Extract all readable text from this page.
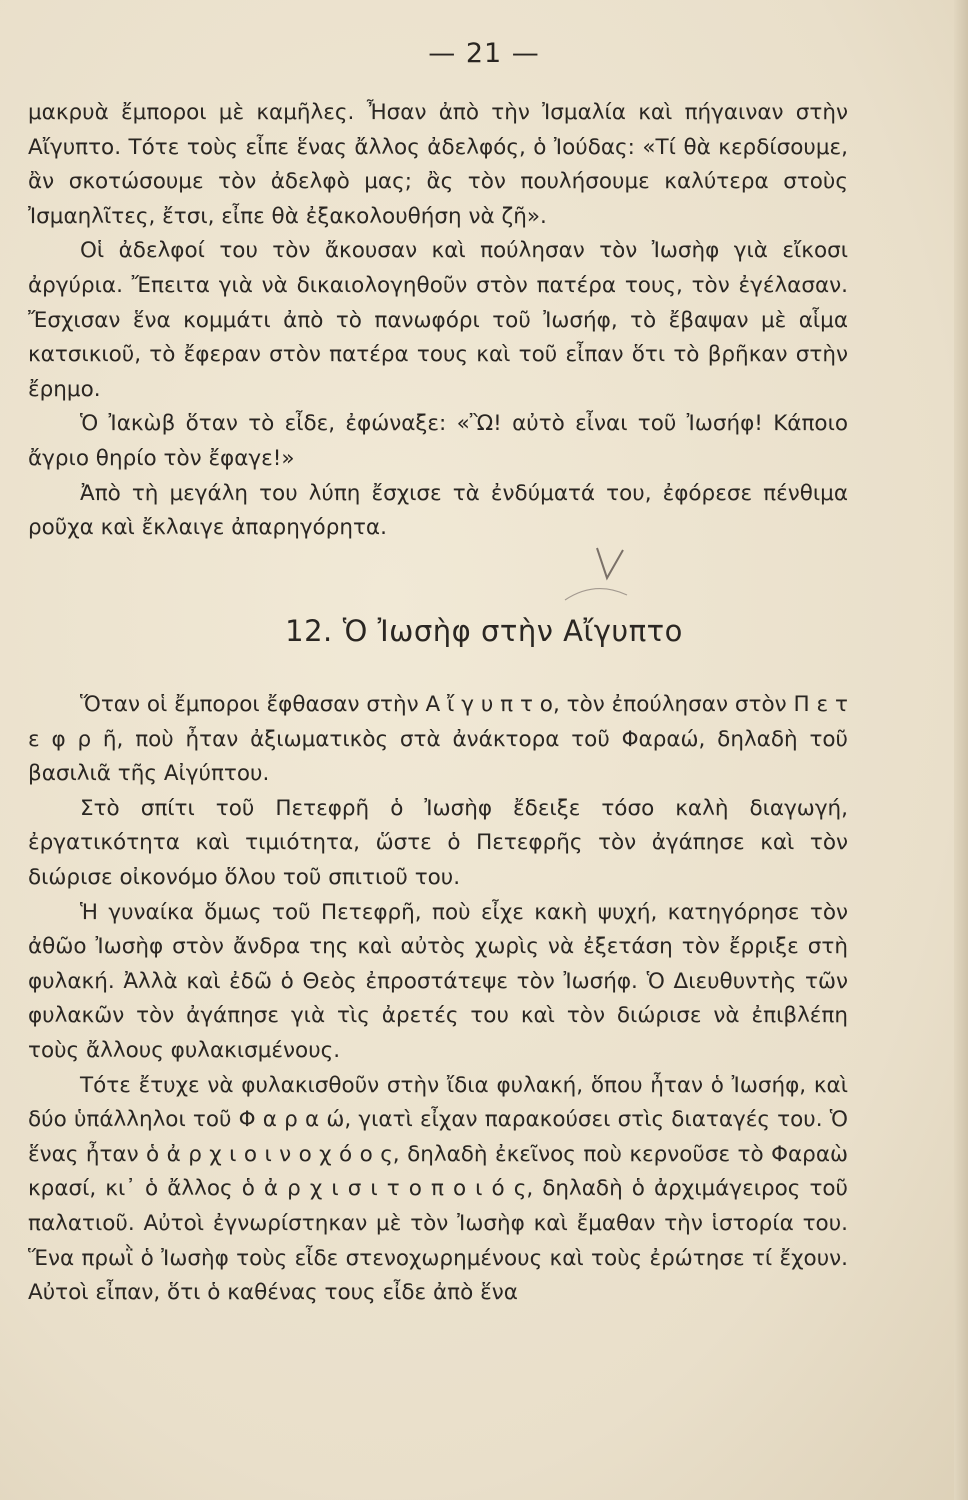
— 21 —

μακρυὰ ἔμποροι μὲ καμῆλες. Ἦσαν ἀπὸ τὴν Ἰσμαλία καὶ πήγαιναν στὴν Αἴγυπτο. Τότε τοὺς εἶπε ἕνας ἄλλος ἀδελφός, ὁ Ἰούδας: «Τί θὰ κερδίσουμε, ἂν σκοτώσουμε τὸν ἀδελφὸ μας; ἂς τὸν πουλήσουμε καλύτερα στοὺς Ἰσμαηλῖτες, ἔτσι, εἶπε θὰ ἐξακολουθήση νὰ ζῆ».

Οἱ ἀδελφοί του τὸν ἄκουσαν καὶ πούλησαν τὸν Ἰωσὴφ γιὰ εἴκοσι ἀργύρια. Ἔπειτα γιὰ νὰ δικαιολογηθοῦν στὸν πατέρα τους, τὸν ἐγέλασαν. Ἔσχισαν ἕνα κομμάτι ἀπὸ τὸ πανωφόρι τοῦ Ἰωσήφ, τὸ ἔβαψαν μὲ αἷμα κατσικιοῦ, τὸ ἔφεραν στὸν πατέρα τους καὶ τοῦ εἶπαν ὅτι τὸ βρῆκαν στὴν ἔρημο.

Ὁ Ἰακὼβ ὅταν τὸ εἶδε, ἐφώναξε: «Ὢ! αὐτὸ εἶναι τοῦ Ἰωσήφ! Κάποιο ἄγριο θηρίο τὸν ἔφαγε!»

Ἀπὸ τὴ μεγάλη του λύπη ἔσχισε τὰ ἐνδύματά του, ἐφόρεσε πένθιμα ροῦχα καὶ ἔκλαιγε ἀπαρηγόρητα.

12. Ὁ Ἰωσὴφ στὴν Αἴγυπτο

Ὅταν οἱ ἔμποροι ἔφθασαν στὴν Α ἴ γ υ π τ ο, τὸν ἐπούλησαν στὸν Π ε τ ε φ ρ ῆ, ποὺ ἦταν ἀξιωματικὸς στὰ ἀνάκτορα τοῦ Φαραώ, δηλαδὴ τοῦ βασιλιᾶ τῆς Αἰγύπτου.

Στὸ σπίτι τοῦ Πετεφρῆ ὁ Ἰωσὴφ ἔδειξε τόσο καλὴ διαγωγή, ἐργατικότητα καὶ τιμιότητα, ὥστε ὁ Πετεφρῆς τὸν ἀγάπησε καὶ τὸν διώρισε οἰκονόμο ὅλου τοῦ σπιτιοῦ του.

Ἡ γυναίκα ὅμως τοῦ Πετεφρῆ, ποὺ εἶχε κακὴ ψυχή, κατηγόρησε τὸν ἀθῶο Ἰωσὴφ στὸν ἄνδρα της καὶ αὐτὸς χωρὶς νὰ ἐξετάση τὸν ἔρριξε στὴ φυλακή. Ἀλλὰ καὶ ἐδῶ ὁ Θεὸς ἐπροστάτεψε τὸν Ἰωσήφ. Ὁ Διευθυντὴς τῶν φυλακῶν τὸν ἀγάπησε γιὰ τὶς ἀρετές του καὶ τὸν διώρισε νὰ ἐπιβλέπη τοὺς ἄλλους φυλακισμένους.

Τότε ἔτυχε νὰ φυλακισθοῦν στὴν ἴδια φυλακή, ὅπου ἦταν ὁ Ἰωσήφ, καὶ δύο ὑπάλληλοι τοῦ Φ α ρ α ώ, γιατὶ εἶχαν παρακούσει στὶς διαταγές του. Ὁ ἕνας ἦταν ὁ ἀ ρ χ ι ο ι ν ο χ ό ο ς, δηλαδὴ ἐκεῖνος ποὺ κερνοῦσε τὸ Φαραὼ κρασί, κι᾽ ὁ ἄλλος ὁ ἀ ρ χ ι σ ι τ ο π ο ι ό ς, δηλαδὴ ὁ ἀρχιμάγειρος τοῦ παλατιοῦ. Αὐτοὶ ἐγνωρίστηκαν μὲ τὸν Ἰωσὴφ καὶ ἔμαθαν τὴν ἱστορία του. Ἕνα πρωῒ ὁ Ἰωσὴφ τοὺς εἶδε στενοχωρημένους καὶ τοὺς ἐρώτησε τί ἔχουν. Αὐτοὶ εἶπαν, ὅτι ὁ καθένας τους εἶδε ἀπὸ ἕνα
